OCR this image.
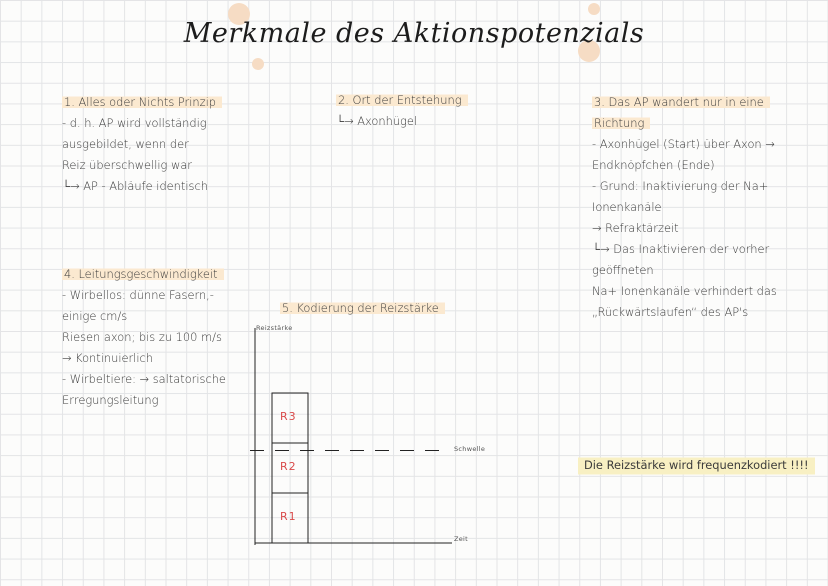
Merkmale des Aktionspotenzials
1. Alles oder Nichts Prinzip
- d. h. AP wird vollständig
ausgebildet, wenn der
Reiz überschwellig war
└→ AP - Abläufe identisch
2. Ort der Entstehung
└→ Axonhügel
3. Das AP wandert nur in eine
Richtung
- Axonhügel (Start) über Axon →
Endknöpfchen (Ende)
- Grund: Inaktivierung der Na+
Ionenkanäle
→ Refraktärzeit
└→ Das Inaktivieren der vorher
geöffneten
Na+ Ionenkanäle verhindert das
„Rückwärtslaufen“ des AP's
4. Leitungsgeschwindigkeit
- Wirbellos: dünne Fasern,-
einige cm/s
Riesen axon; bis zu 100 m/s
→ Kontinuierlich
- Wirbeltiere: → saltatorische
Erregungsleitung
5. Kodierung der Reizstärke
Reizstärke
Zeit
Schwelle
R1
R2
R3
Die Reizstärke wird frequenzkodiert !!!!
